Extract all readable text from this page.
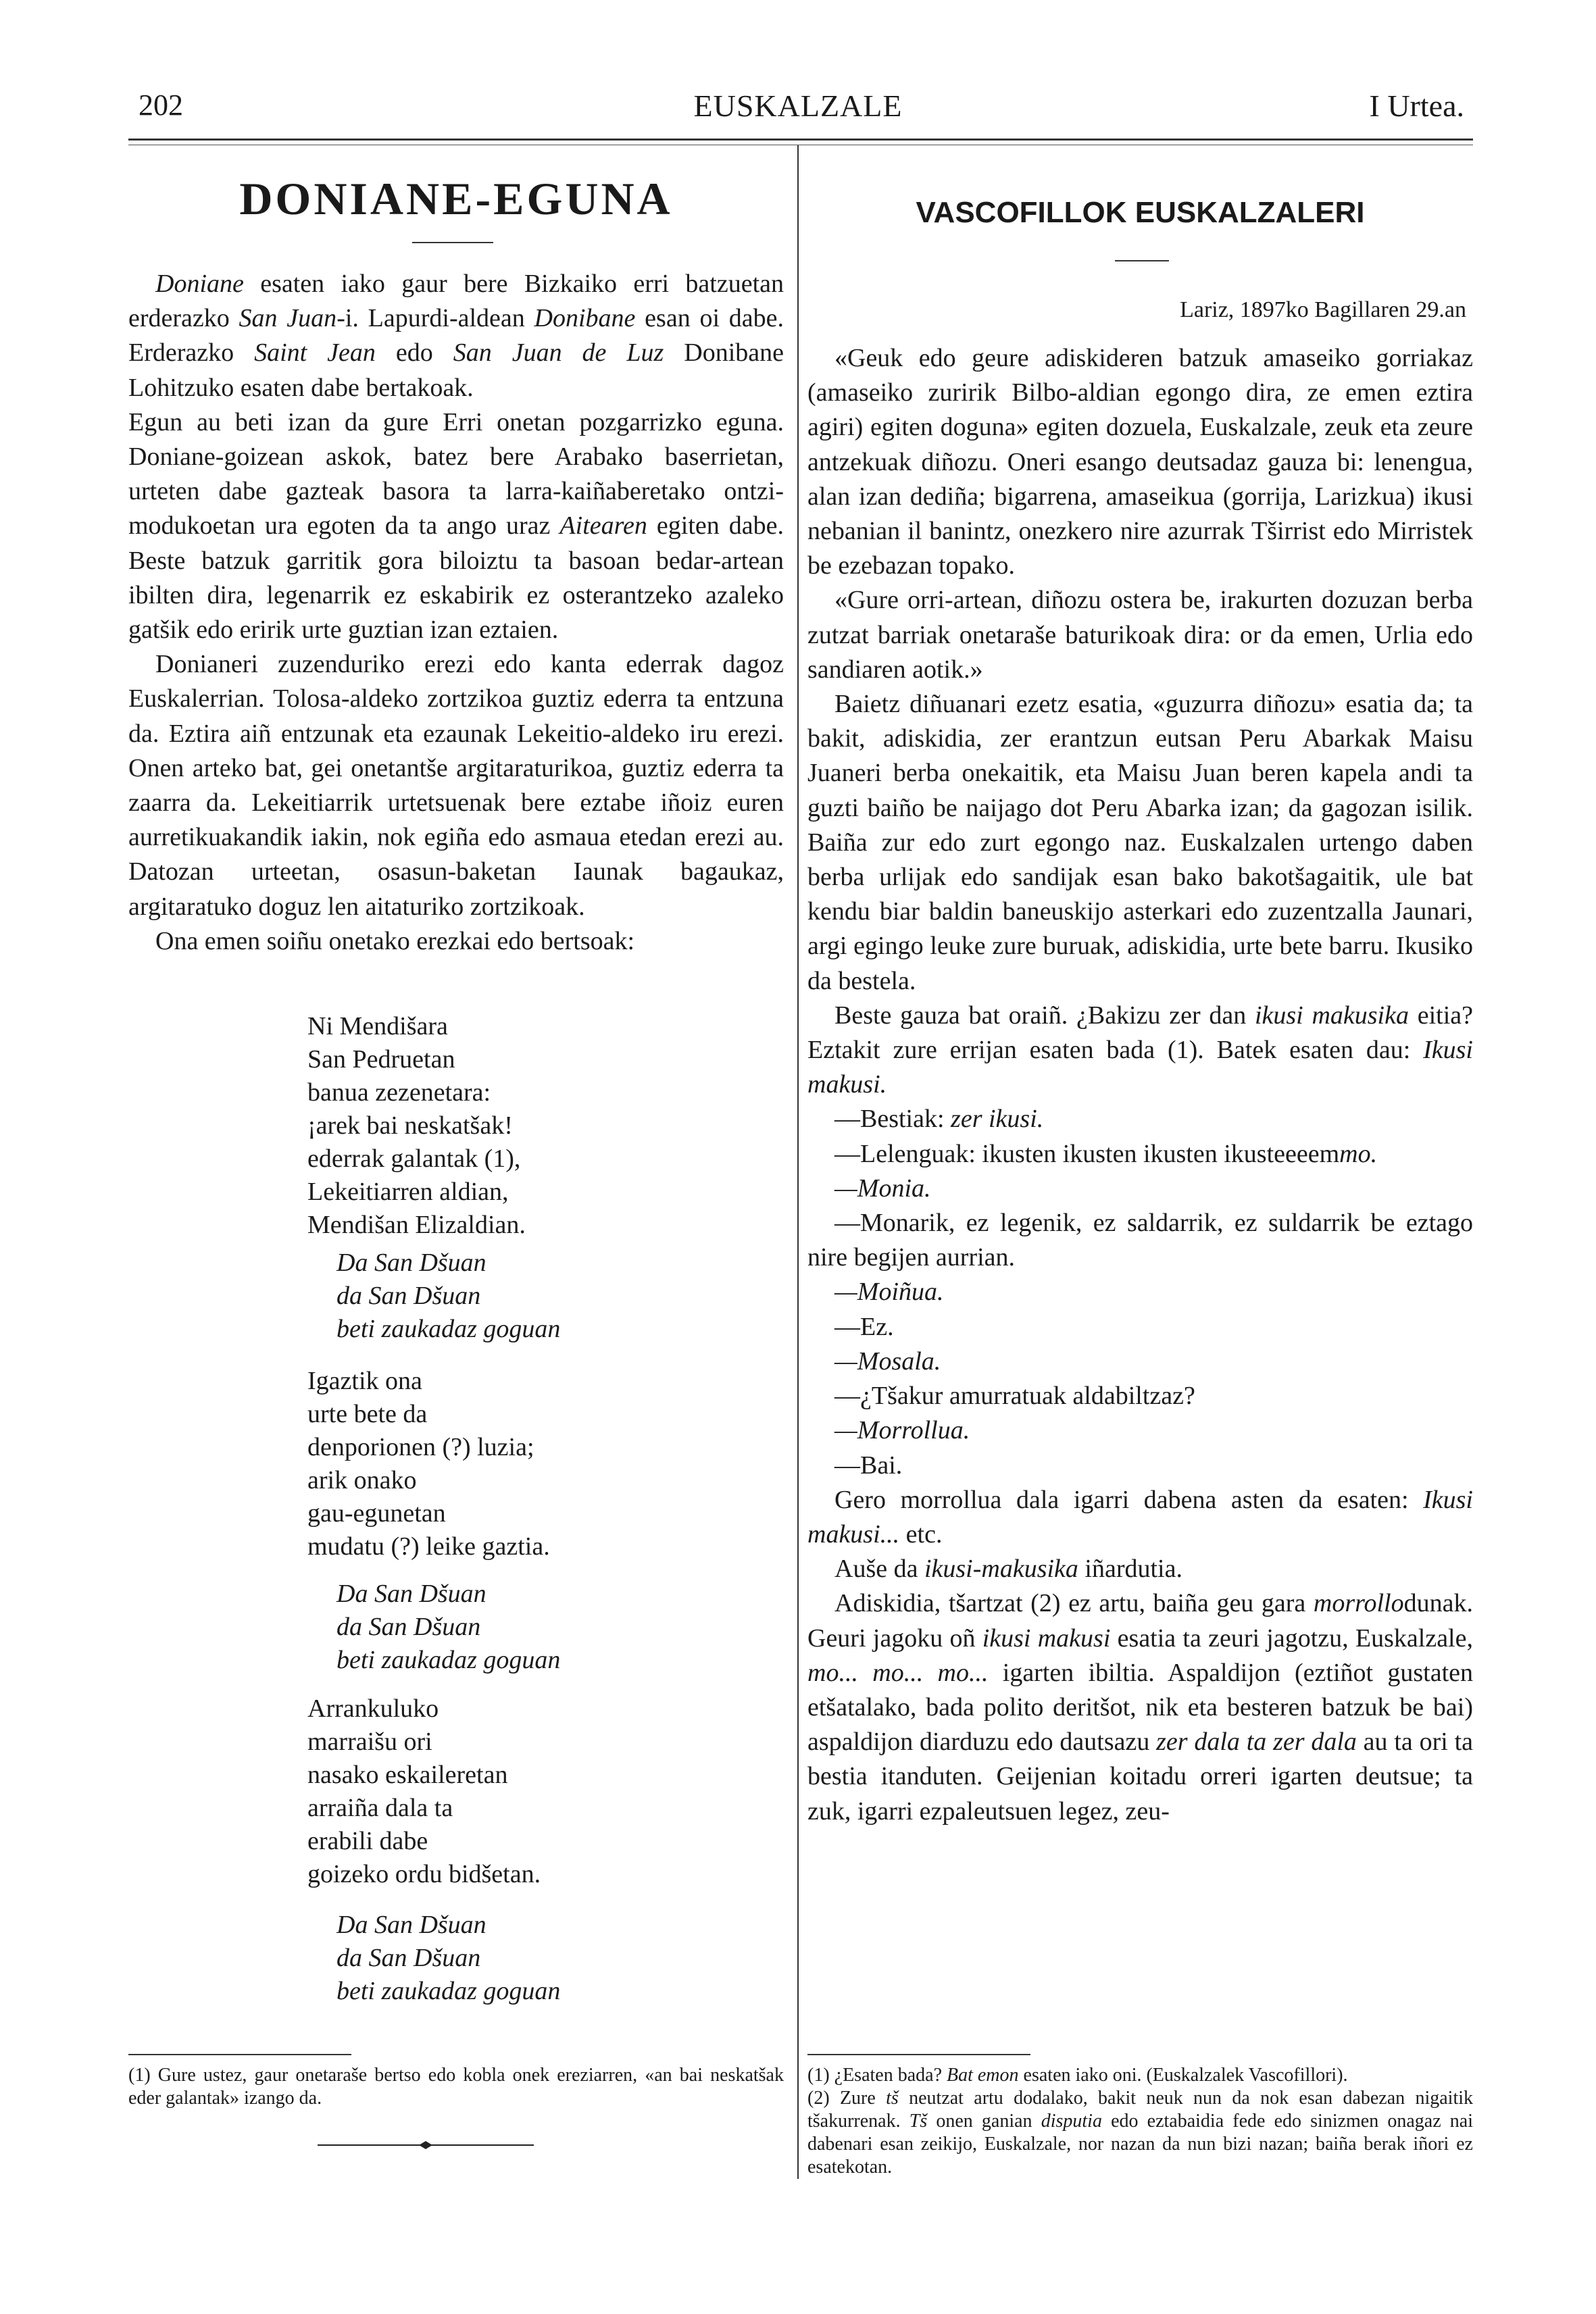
202	EUSKALZALE	I Urtea.
DONIANE-EGUNA

Doniane esaten iako gaur bere Bizkaiko erri batzuetan erderazko San Juan-i. Lapurdi-aldean Donibane esan oi dabe. Erderazko Saint Jean edo San Juan de Luz Donibane Lohitzuko esaten dabe bertakoak.

Egun au beti izan da gure Erri onetan pozgarrizko eguna. Doniane-goizean askok, batez bere Arabako baserrietan, urteten dabe gazteak basora ta larra-kaiñaberetako ontzi-modukoetan ura egoten da ta ango uraz Aitearen egiten dabe. Beste batzuk garritik gora biloiztu ta basoan bedar-artean ibilten dira, legenarrik ez eskabirik ez osterantzeko azaleko gatšik edo eririk urte guztian izan eztaien.

Donianeri zuzenduriko erezi edo kanta ederrak dagoz Euskalerrian. Tolosa-aldeko zortzikoa guztiz ederra ta entzuna da. Eztira aiñ entzunak eta ezaunak Lekeitio-aldeko iru erezi. Onen arteko bat, gei onetantše argitaraturikoa, guztiz ederra ta zaarra da. Lekeitiarrik urtetsuenak bere eztabe iñoiz euren aurretikuakandik iakin, nok egiña edo asmaua etedan erezi au. Datozan urteetan, osasun-baketan Iaunak bagaukaz, argitaratuko doguz len aitaturiko zortzikoak.

Ona emen soiñu onetako erezkai edo bertsoak:

Ni Mendišara
San Pedruetan
banua zezenetara:
¡arek bai neskatšak!
ederrak galantak (1),
Lekeitiarren aldian,
Mendišan Elizaldian.
Da San Dšuan
da San Dšuan
beti zaukadaz goguan
Igaztik ona
urte bete da
denporionen (?) luzia;
arik onako
gau-egunetan
mudatu (?) leike gaztia.
Da San Dšuan
da San Dšuan
beti zaukadaz goguan
Arrankuluko
marraišu ori
nasako eskaileretan
arraiña dala ta
erabili dabe
goizeko ordu bidšetan.
Da San Dšuan
da San Dšuan
beti zaukadaz goguan
(1) Gure ustez, gaur onetaraše bertso edo kobla onek ereziarren, «an bai neskatšak eder galantak» izango da.
VASCOFILLOK EUSKALZALERI
Lariz, 1897ko Bagillaren 29.an

«Geuk edo geure adiskideren batzuk amaseiko gorriakaz (amaseiko zuririk Bilbo-aldian egongo dira, ze emen eztira agiri) egiten doguna» egiten dozuela, Euskalzale, zeuk eta zeure antzekuak diñozu. Oneri esango deutsadaz gauza bi: lenengua, alan izan dediña; bigarrena, amaseikua (gorrija, Larizkua) ikusi nebanian il banintz, onezkero nire azurrak Tširrist edo Mirristek be ezebazan topako.

«Gure orri-artean, diñozu ostera be, irakurten dozuzan berba zutzat barriak onetaraše baturikoak dira: or da emen, Urlia edo sandiaren aotik.»

Baietz diñuanari ezetz esatia, «guzurra diñozu» esatia da; ta bakit, adiskidia, zer erantzun eutsan Peru Abarkak Maisu Juaneri berba onekaitik, eta Maisu Juan beren kapela andi ta guzti baiño be naijago dot Peru Abarka izan; da gagozan isilik. Baiña zur edo zurt egongo naz. Euskalzalen urtengo daben berba urlijak edo sandijak esan bako bakotšagaitik, ule bat kendu biar baldin baneuskijo asterkari edo zuzentzalla Jaunari, argi egingo leuke zure buruak, adiskidia, urte bete barru. Ikusiko da bestela.

Beste gauza bat oraiñ. ¿Bakizu zer dan ikusi makusika eitia? Eztakit zure errijan esaten bada (1). Batek esaten dau: Ikusi makusi.

—Bestiak: zer ikusi.

—Lelenguak: ikusten ikusten ikusten ikusteeeemmo.

—Monia.

—Monarik, ez legenik, ez saldarrik, ez suldarrik be eztago nire begijen aurrian.

—Moiñua.

—Ez.

—Mosala.

—¿Tšakur amurratuak aldabiltzaz?

—Morrollua.

—Bai.

Gero morrollua dala igarri dabena asten da esaten: Ikusi makusi... etc.

Auše da ikusi-makusika iñardutia.

Adiskidia, tšartzat (2) ez artu, baiña geu gara morrollodunak. Geuri jagoku oñ ikusi makusi esatia ta zeuri jagotzu, Euskalzale, mo... mo... mo... igarten ibiltia. Aspaldijon (eztiñot gustaten etšatalako, bada polito deritšot, nik eta besteren batzuk be bai) aspaldijon diarduzu edo dautsazu zer dala ta zer dala au ta ori ta bestia itanduten. Geijenian koitadu orreri igarten deutsue; ta zuk, igarri ezpaleutsuen legez, zeu-

(1) ¿Esaten bada? Bat emon esaten iako oni. (Euskalzalek Vascofillori).

(2) Zure tš neutzat artu dodalako, bakit neuk nun da nok esan dabezan nigaitik tšakurrenak. Tš onen ganian disputia edo eztabaidia fede edo sinizmen onagaz nai dabenari esan zeikijo, Euskalzale, nor nazan da nun bizi nazan; baiña berak iñori ez esatekotan.
